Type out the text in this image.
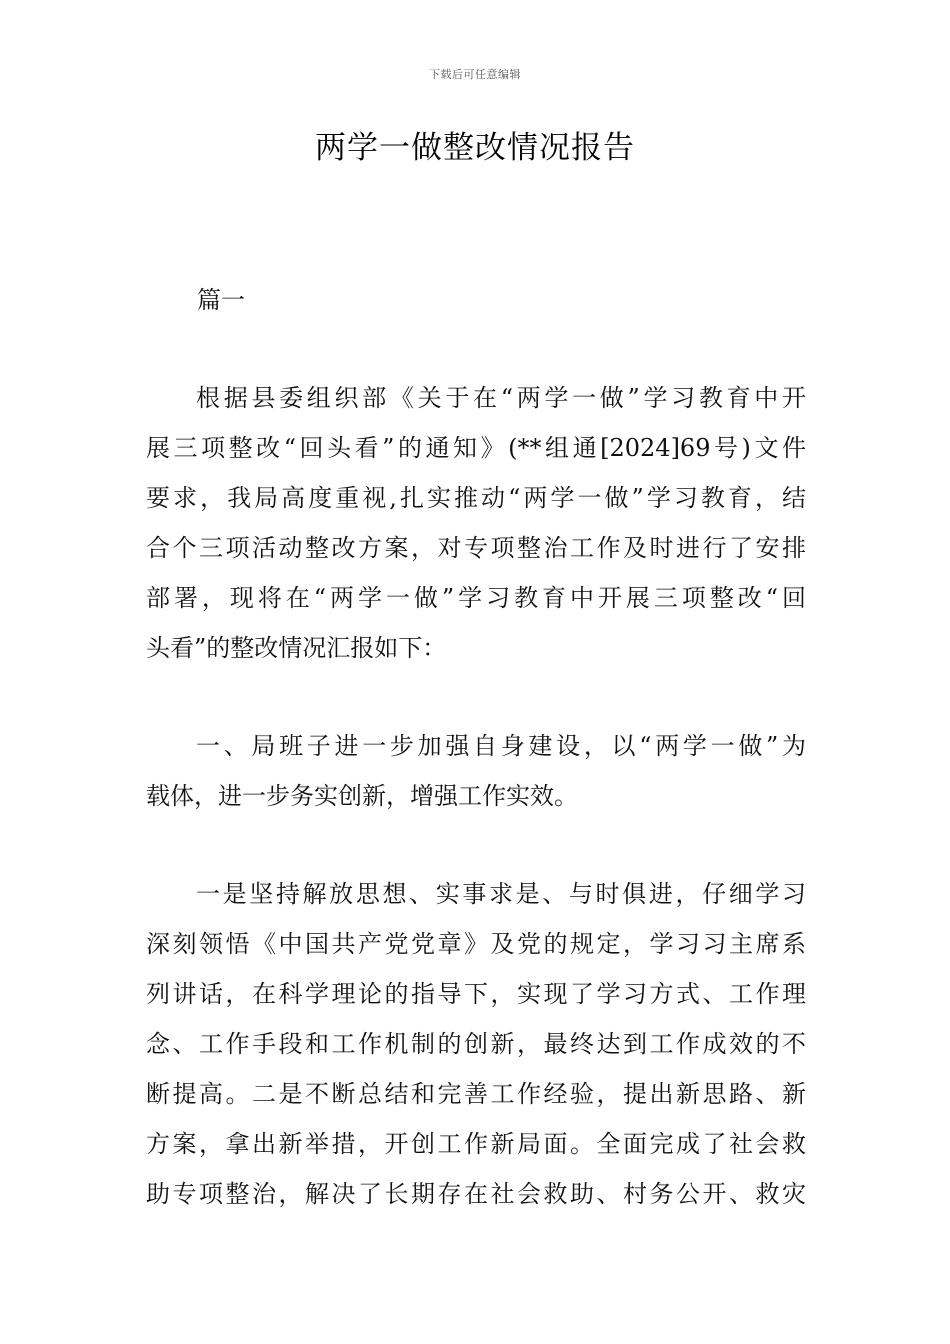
下载后可任意编辑
两学一做整改情况报告
篇一
根据县委组织部《关于在“两学一做”学习教育中开
展三项整改“回头看”的通知》(**组通[2024]69号)文件
要求，我局高度重视,扎实推动“两学一做”学习教育，结
合个三项活动整改方案，对专项整治工作及时进行了安排
部署，现将在“两学一做”学习教育中开展三项整改“回
头看”的整改情况汇报如下：
一、局班子进一步加强自身建设，以“两学一做”为
载体，进一步务实创新，增强工作实效。
一是坚持解放思想、实事求是、与时俱进，仔细学习
深刻领悟《中国共产党党章》及党的规定，学习习主席系
列讲话，在科学理论的指导下，实现了学习方式、工作理
念、工作手段和工作机制的创新，最终达到工作成效的不
断提高。二是不断总结和完善工作经验，提出新思路、新
方案，拿出新举措，开创工作新局面。全面完成了社会救
助专项整治，解决了长期存在社会救助、村务公开、救灾
